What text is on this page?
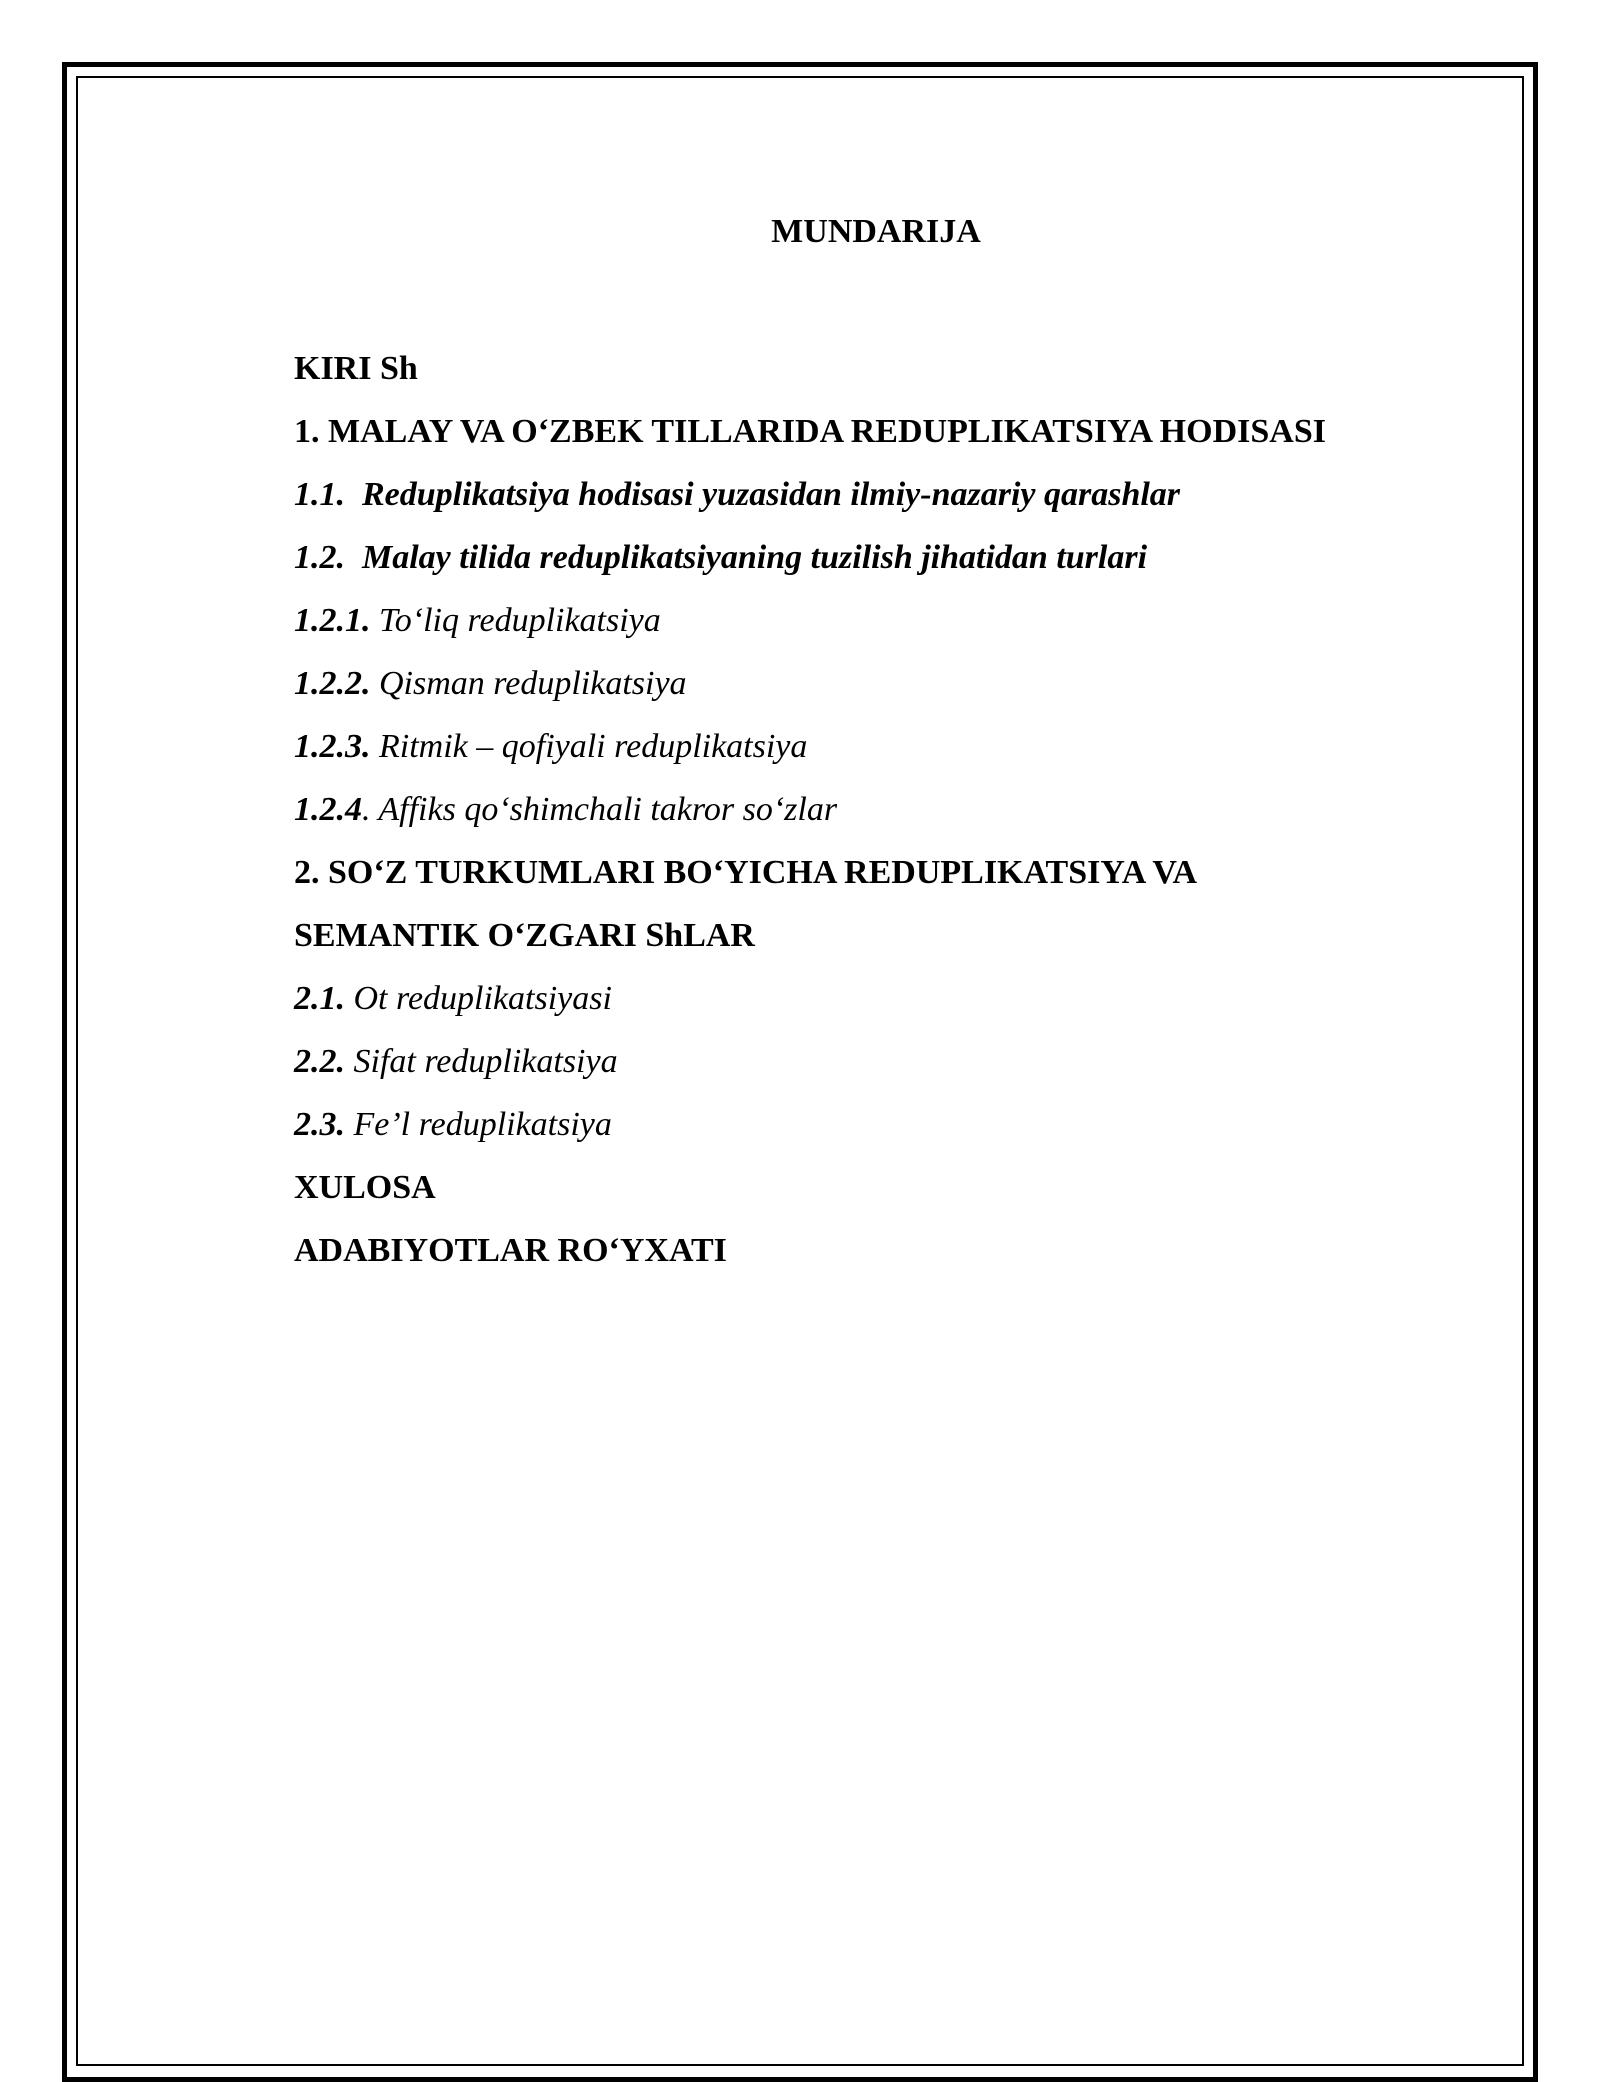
MUNDARIJA
KIRI Sh
1. MALAY VA O‘ZBEK TILLARIDA REDUPLIKATSIYA HODISASI
1.1.  Reduplikatsiya hodisasi yuzasidan ilmiy-nazariy qarashlar
1.2.  Malay tilida reduplikatsiyaning tuzilish jihatidan turlari
1.2.1. To‘liq reduplikatsiya
1.2.2. Qisman reduplikatsiya
1.2.3. Ritmik – qofiyali reduplikatsiya
1.2.4. Affiks qo‘shimchali takror so‘zlar
2. SO‘Z TURKUMLARI BO‘YICHA REDUPLIKATSIYA VA
SEMANTIK O‘ZGARI ShLAR
2.1. Ot reduplikatsiyasi
2.2. Sifat reduplikatsiya
2.3. Fe’l reduplikatsiya
XULOSA
ADABIYOTLAR RO‘YXATI
